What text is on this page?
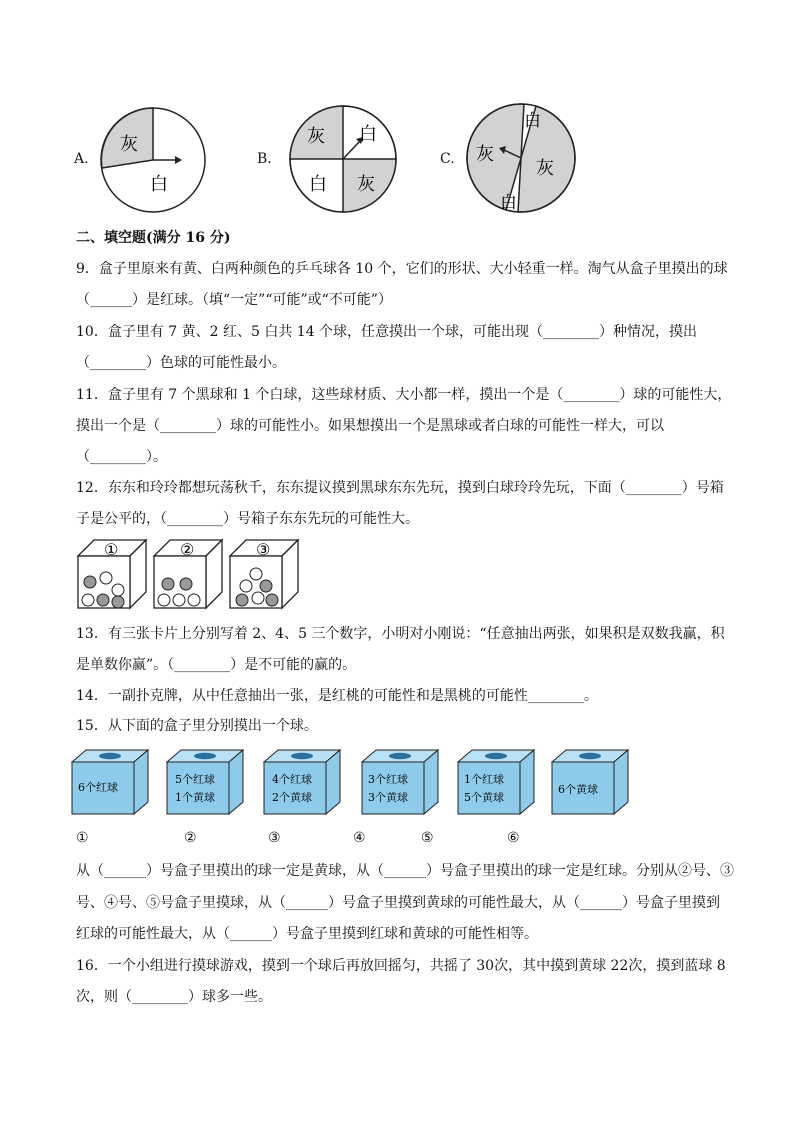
A.
灰
白
B.
灰 白
白 灰
C.
白
灰
灰
白
二、填空题(满分 16 分)
9．盒子里原来有黄、白两种颜色的乒乓球各 10 个，它们的形状、大小轻重一样。淘气从盒子里摸出的球
（______）是红球。（填“一定”“可能”或“不可能”）
10．盒子里有 7 黄、2 红、5 白共 14 个球，任意摸出一个球，可能出现（________）种情况，摸出
（________）色球的可能性最小。
11．盒子里有 7 个黑球和 1 个白球，这些球材质、大小都一样，摸出一个是（________）球的可能性大，
摸出一个是（________）球的可能性小。如果想摸出一个是黑球或者白球的可能性一样大，可以
（________）。
12．东东和玲玲都想玩荡秋千，东东提议摸到黑球东东先玩，摸到白球玲玲先玩，下面（________）号箱
子是公平的，（________）号箱子东东先玩的可能性大。
①	②	③
13．有三张卡片上分别写着 2、4、5 三个数字，小明对小刚说：“任意抽出两张，如果积是双数我赢，积
是单数你赢”。（________）是不可能的赢的。
14．一副扑克牌，从中任意抽出一张，是红桃的可能性和是黑桃的可能性________。
15．从下面的盒子里分别摸出一个球。
6个红球
5个红球
1个黄球
4个红球
2个黄球
3个红球
3个黄球
1个红球
5个黄球
6个黄球
①	②	③	④	⑤	⑥
从（______）号盒子里摸出的球一定是黄球，从（______）号盒子里摸出的球一定是红球。分别从②号、③
号、④号、⑤号盒子里摸球，从（______）号盒子里摸到黄球的可能性最大，从（______）号盒子里摸到
红球的可能性最大，从（______）号盒子里摸到红球和黄球的可能性相等。
16．一个小组进行摸球游戏，摸到一个球后再放回摇匀，共摇了 30次，其中摸到黄球 22次，摸到蓝球 8
次，则（________）球多一些。
